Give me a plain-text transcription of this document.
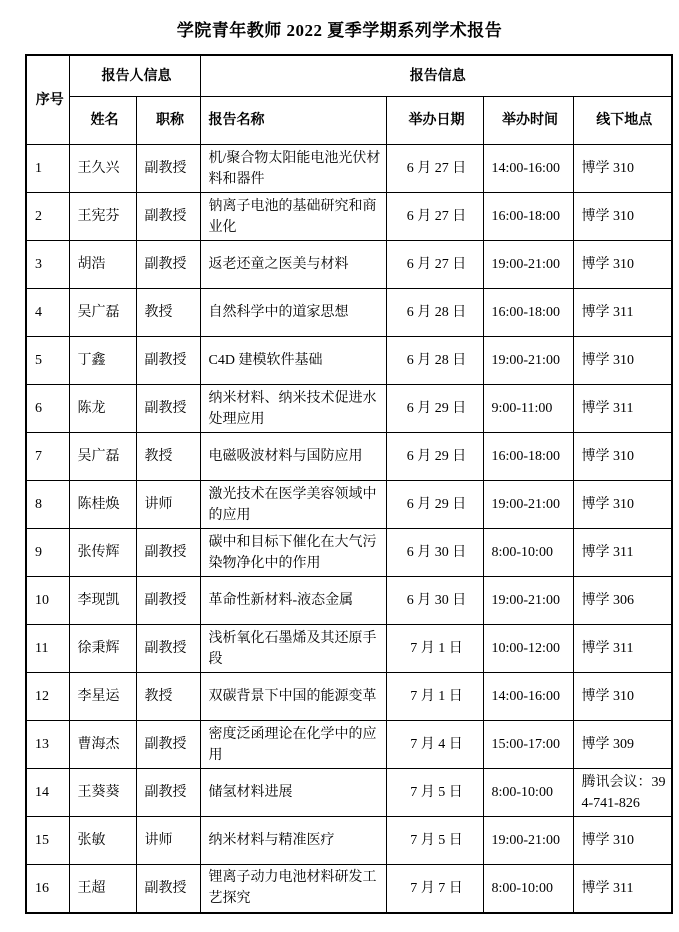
学院青年教师 2022 夏季学期系列学术报告
序号	报告人信息		报告信息			
	姓名	职称	报告名称	举办日期	举办时间	线下地点
1	王久兴	副教授	机/聚合物太阳能电池光伏材料和器件	6 月 27 日	14:00-16:00	博学 310
2	王宪芬	副教授	钠离子电池的基础研究和商业化	6 月 27 日	16:00-18:00	博学 310
3	胡浩	副教授	返老还童之医美与材料	6 月 27 日	19:00-21:00	博学 310
4	吴广磊	教授	自然科学中的道家思想	6 月 28 日	16:00-18:00	博学 311
5	丁鑫	副教授	C4D 建模软件基础	6 月 28 日	19:00-21:00	博学 310
6	陈龙	副教授	纳米材料、纳米技术促进水处理应用	6 月 29 日	9:00-11:00	博学 311
7	吴广磊	教授	电磁吸波材料与国防应用	6 月 29 日	16:00-18:00	博学 310
8	陈桂焕	讲师	激光技术在医学美容领域中的应用	6 月 29 日	19:00-21:00	博学 310
9	张传辉	副教授	碳中和目标下催化在大气污染物净化中的作用	6 月 30 日	8:00-10:00	博学 311
10	李现凯	副教授	革命性新材料-液态金属	6 月 30 日	19:00-21:00	博学 306
11	徐秉辉	副教授	浅析氧化石墨烯及其还原手段	7 月 1 日	10:00-12:00	博学 311
12	李星运	教授	双碳背景下中国的能源变革	7 月 1 日	14:00-16:00	博学 310
13	曹海杰	副教授	密度泛函理论在化学中的应用	7 月 4 日	15:00-17:00	博学 309
14	王葵葵	副教授	储氢材料进展	7 月 5 日	8:00-10:00	腾讯会议：394-741-826
15	张敏	讲师	纳米材料与精准医疗	7 月 5 日	19:00-21:00	博学 310
16	王超	副教授	锂离子动力电池材料研发工艺探究	7 月 7 日	8:00-10:00	博学 311
